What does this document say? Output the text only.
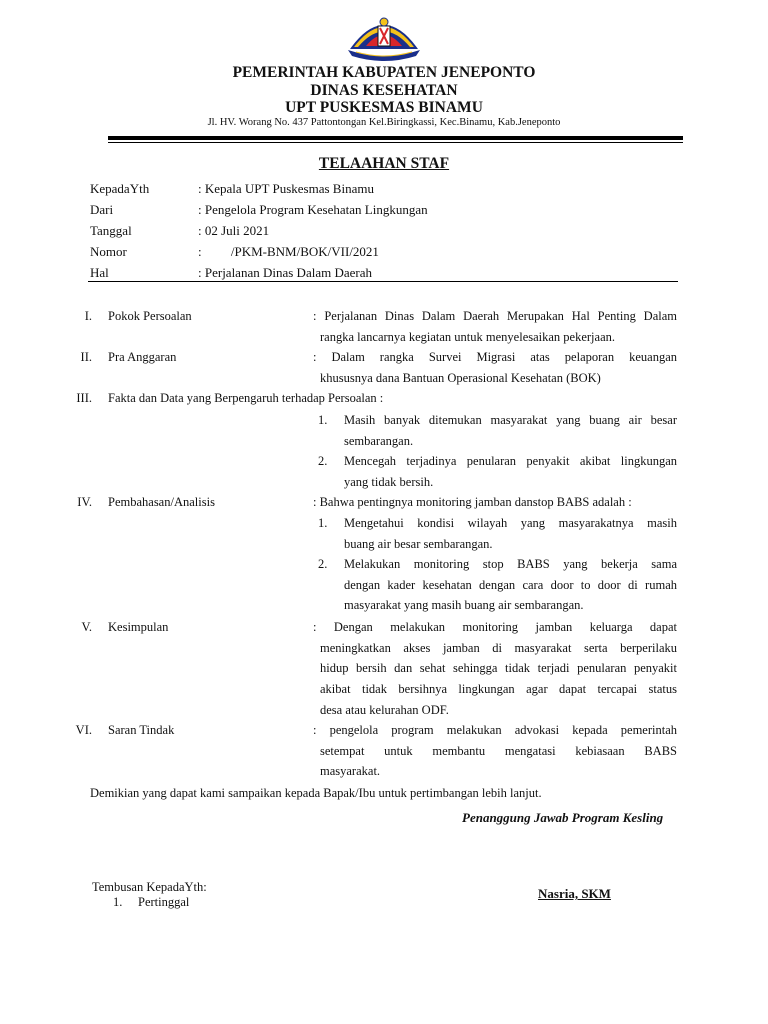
PEMERINTAH KABUPATEN JENEPONTO
DINAS KESEHATAN
UPT PUSKESMAS BINAMU
Jl. HV. Worang No. 437 Pattontongan Kel.Biringkassi, Kec.Binamu, Kab.Jeneponto
TELAAHAN STAF
KepadaYth	: Kepala UPT Puskesmas Binamu
Dari	: Pengelola Program Kesehatan Lingkungan
Tanggal	: 02 Juli 2021
Nomor	:         /PKM-BNM/BOK/VII/2021
Hal	: Perjalanan Dinas Dalam Daerah
I. Pokok Persoalan	: Perjalanan Dinas Dalam Daerah Merupakan Hal Penting Dalam
rangka lancarnya kegiatan untuk menyelesaikan pekerjaan.
II. Pra Anggaran	: Dalam rangka Survei Migrasi atas pelaporan keuangan
khususnya dana Bantuan Operasional Kesehatan (BOK)
III. Fakta dan Data yang Berpengaruh terhadap Persoalan :
1. Masih banyak ditemukan masyarakat yang buang air besar
sembarangan.
2. Mencegah terjadinya penularan penyakit akibat lingkungan
yang tidak bersih.
IV. Pembahasan/Analisis	: Bahwa pentingnya monitoring jamban danstop BABS adalah :
1. Mengetahui kondisi wilayah yang masyarakatnya masih
buang air besar sembarangan.
2. Melakukan monitoring stop BABS yang bekerja sama
dengan kader kesehatan dengan cara door to door di rumah
masyarakat yang masih buang air sembarangan.
V. Kesimpulan	: Dengan melakukan monitoring jamban keluarga dapat
meningkatkan akses jamban di masyarakat serta berperilaku
hidup bersih dan sehat sehingga tidak terjadi penularan penyakit
akibat tidak bersihnya lingkungan agar dapat tercapai status
desa atau kelurahan ODF.
VI. Saran Tindak	: pengelola program melakukan advokasi kepada pemerintah
setempat untuk membantu mengatasi kebiasaan BABS
masyarakat.
Demikian yang dapat kami sampaikan kepada Bapak/Ibu untuk pertimbangan lebih lanjut.
Penanggung Jawab Program Kesling
Nasria, SKM
Tembusan KepadaYth:
1.     Pertinggal
